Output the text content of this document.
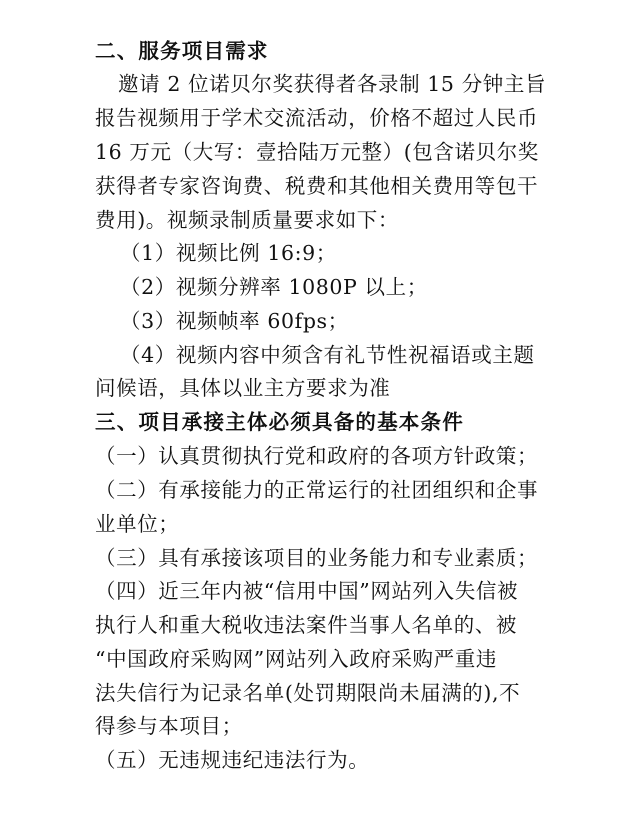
二、服务项目需求
邀请 2 位诺贝尔奖获得者各录制 15 分钟主旨
报告视频用于学术交流活动，价格不超过人民币
16 万元（大写：壹拾陆万元整）(包含诺贝尔奖
获得者专家咨询费、税费和其他相关费用等包干
费用)。视频录制质量要求如下：
（1）视频比例 16:9；
（2）视频分辨率 1080P 以上；
（3）视频帧率 60fps；
（4）视频内容中须含有礼节性祝福语或主题
问候语，具体以业主方要求为准
三、项目承接主体必须具备的基本条件
（一）认真贯彻执行党和政府的各项方针政策；
（二）有承接能力的正常运行的社团组织和企事
业单位；
（三）具有承接该项目的业务能力和专业素质；
（四）近三年内被“信用中国”网站列入失信被
执行人和重大税收违法案件当事人名单的、被
“中国政府采购网”网站列入政府采购严重违
法失信行为记录名单(处罚期限尚未届满的),不
得参与本项目；
（五）无违规违纪违法行为。
